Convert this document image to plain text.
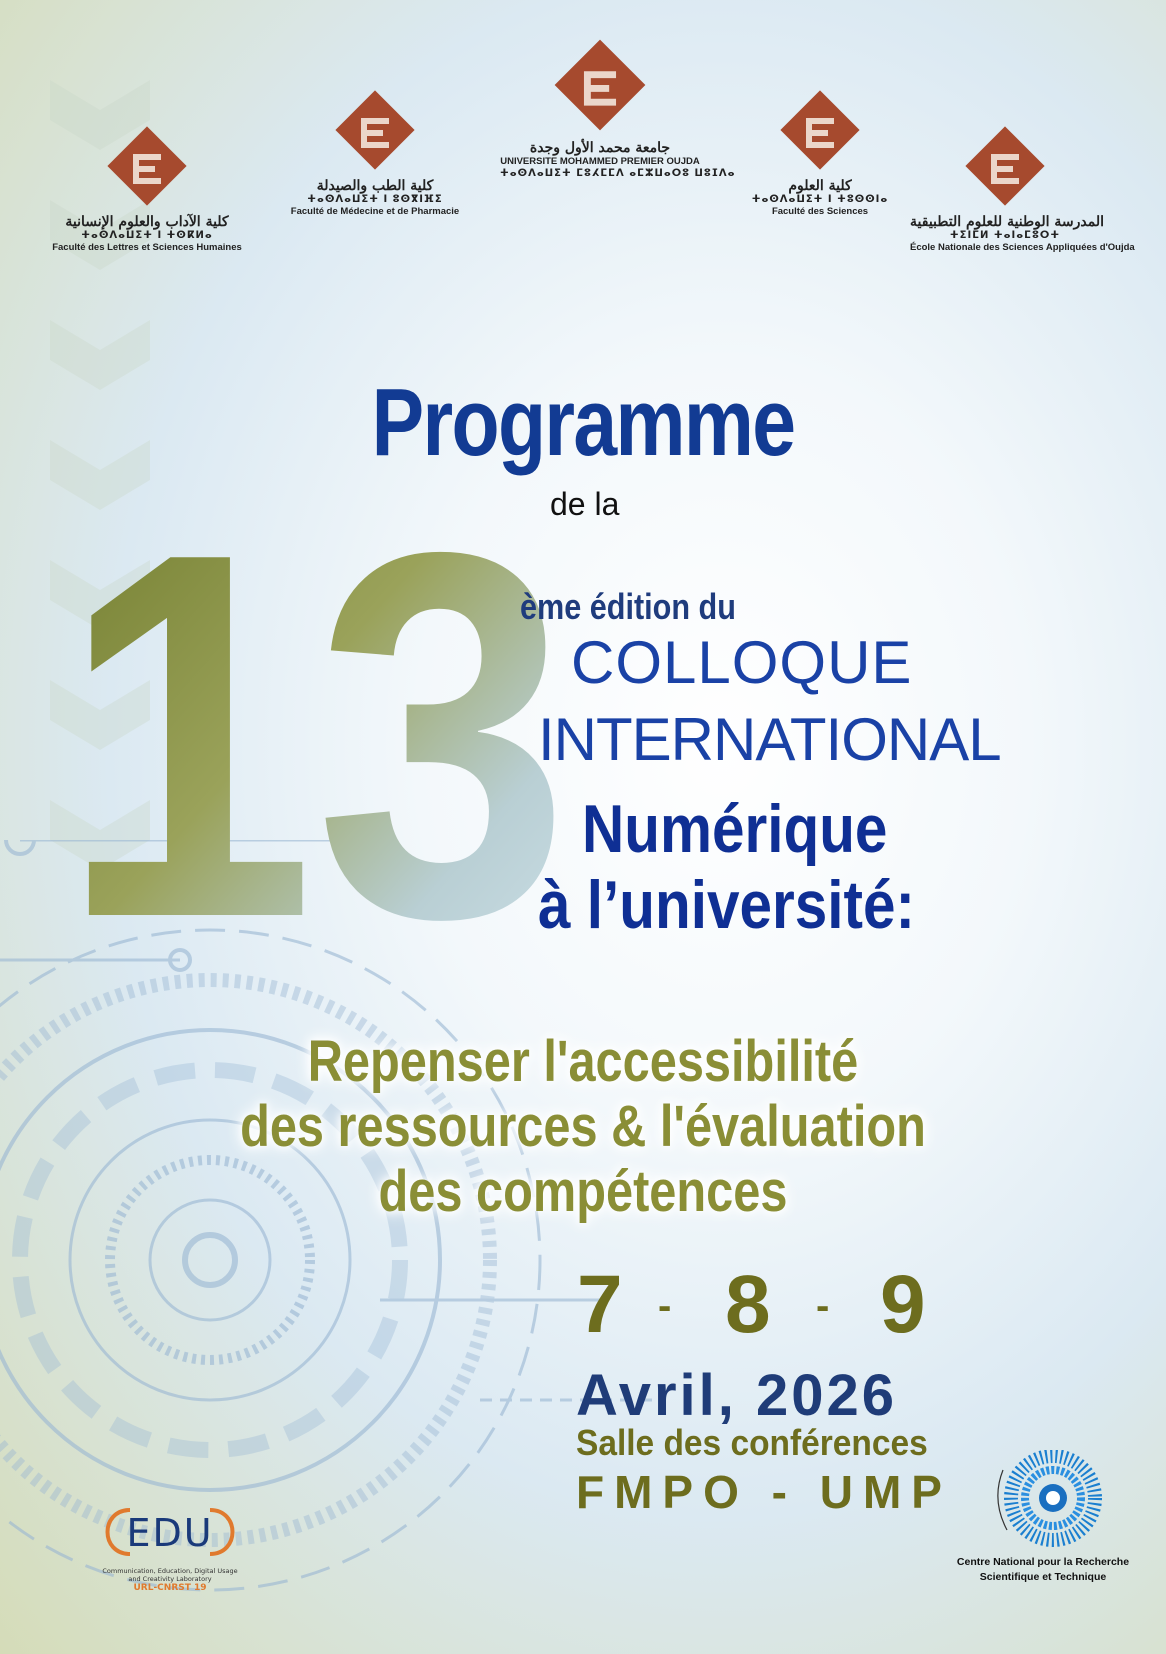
كلية الآداب والعلوم الإنسانية
ⵜⴰⵙⴷⴰⵡⵉⵜ ⵏ ⵜⵙⴽⵍⴰ
Faculté des Lettres et Sciences Humaines
كلية الطب والصيدلة
ⵜⴰⵙⴷⴰⵡⵉⵜ ⵏ ⵓⵙⴳⵏⴼⵉ
Faculté de Médecine et de Pharmacie
جامعة محمد الأول وجدة
UNIVERSITE MOHAMMED PREMIER OUJDA
ⵜⴰⵙⴷⴰⵡⵉⵜ ⵎⵓⵃⵎⵎⴷ ⴰⵎⵣⵡⴰⵔⵓ ⵡⵓⵊⴷⴰ
كلية العلوم
ⵜⴰⵙⴷⴰⵡⵉⵜ ⵏ ⵜⵓⵙⵙⵏⴰ
Faculté des Sciences
المدرسة الوطنية للعلوم التطبيقية
ⵜⵉⵏⵎⵍ ⵜⴰⵏⴰⵎⵓⵔⵜ
École Nationale des Sciences Appliquées d'Oujda
Programme
de la
13
ème édition du
COLLOQUE
INTERNATIONAL
Numérique
à l’université:
Repenser l'accessibilité
des ressources & l'évaluation
des compétences
7 - 8 - 9
Avril, 2026
Salle des conférences
FMPO - UMP
EDU
Communication, Education, Digital Usage
and Creativity Laboratory
URL-CNRST 19
Centre National pour la Recherche
Scientifique et Technique
